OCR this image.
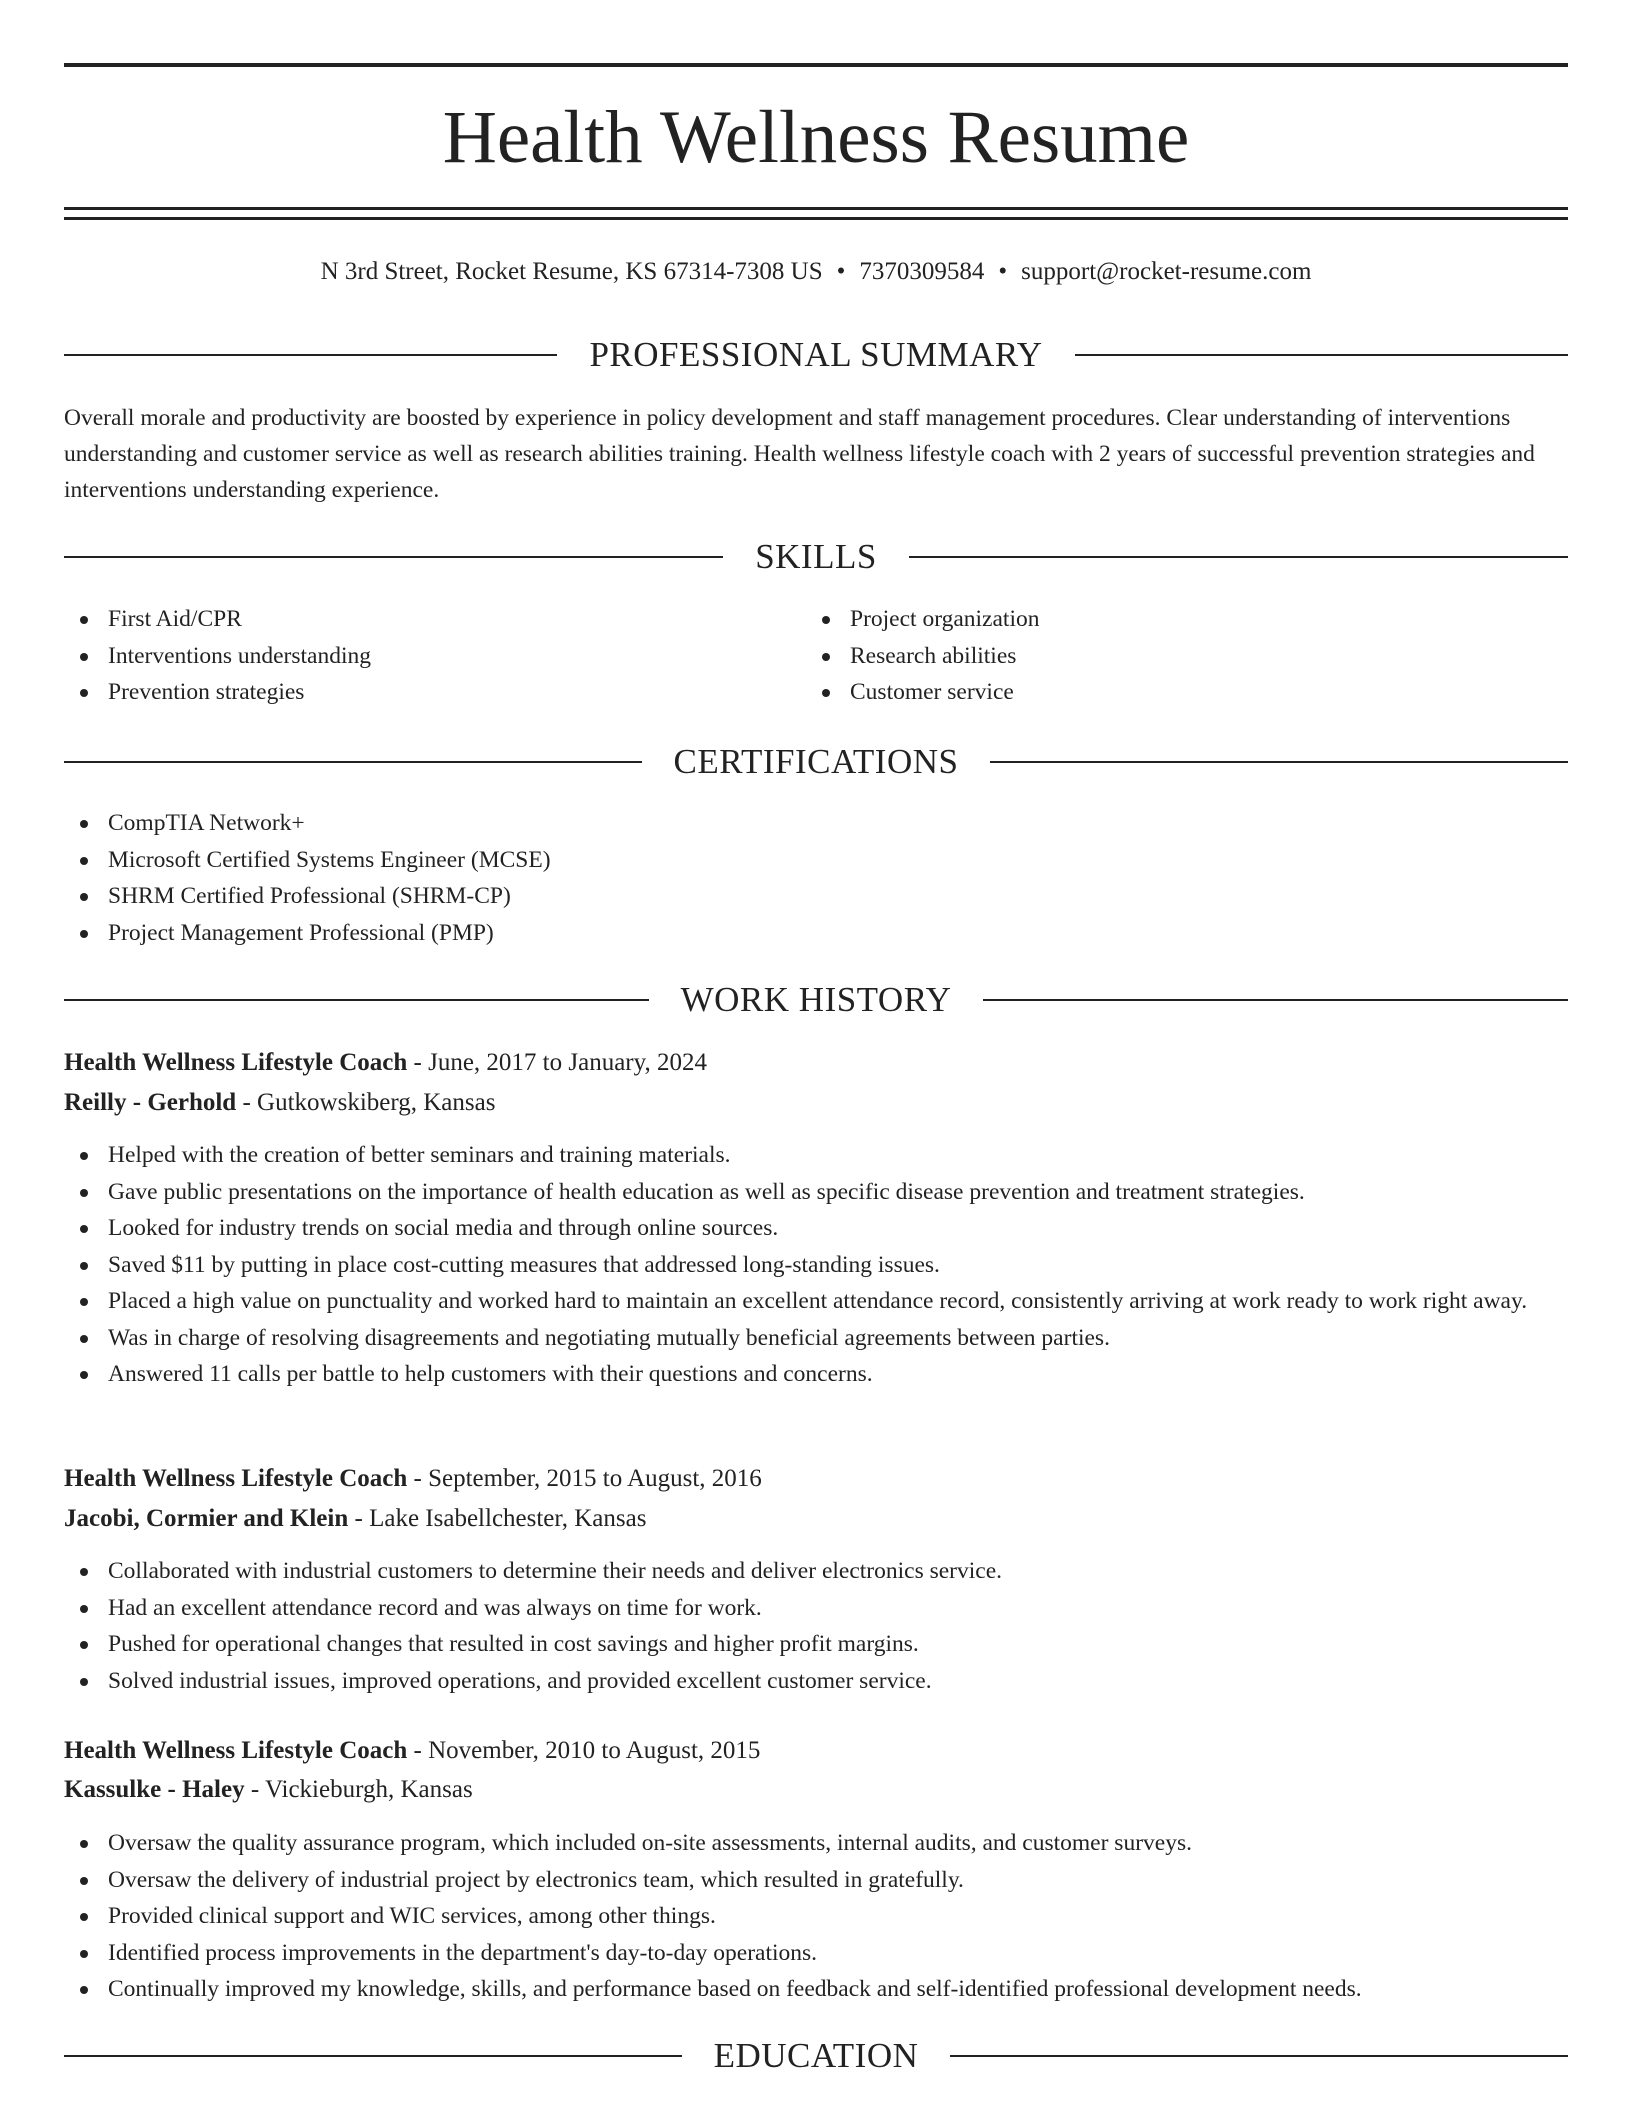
Health Wellness Resume
N 3rd Street, Rocket Resume, KS 67314-7308 US • 7370309584 • support@rocket-resume.com
PROFESSIONAL SUMMARY

Overall morale and productivity are boosted by experience in policy development and staff management procedures. Clear understanding of interventions understanding and customer service as well as research abilities training. Health wellness lifestyle coach with 2 years of successful prevention strategies and interventions understanding experience.

SKILLS
First Aid/CPR
Interventions understanding
Prevention strategies
Project organization
Research abilities
Customer service
CERTIFICATIONS
CompTIA Network+
Microsoft Certified Systems Engineer (MCSE)
SHRM Certified Professional (SHRM-CP)
Project Management Professional (PMP)
WORK HISTORY
Health Wellness Lifestyle Coach - June, 2017 to January, 2024
Reilly - Gerhold - Gutkowskiberg, Kansas
Helped with the creation of better seminars and training materials.
Gave public presentations on the importance of health education as well as specific disease prevention and treatment strategies.
Looked for industry trends on social media and through online sources.
Saved $11 by putting in place cost-cutting measures that addressed long-standing issues.
Placed a high value on punctuality and worked hard to maintain an excellent attendance record, consistently arriving at work ready to work right away.
Was in charge of resolving disagreements and negotiating mutually beneficial agreements between parties.
Answered 11 calls per battle to help customers with their questions and concerns.
Health Wellness Lifestyle Coach - September, 2015 to August, 2016
Jacobi, Cormier and Klein - Lake Isabellchester, Kansas
Collaborated with industrial customers to determine their needs and deliver electronics service.
Had an excellent attendance record and was always on time for work.
Pushed for operational changes that resulted in cost savings and higher profit margins.
Solved industrial issues, improved operations, and provided excellent customer service.
Health Wellness Lifestyle Coach - November, 2010 to August, 2015
Kassulke - Haley - Vickieburgh, Kansas
Oversaw the quality assurance program, which included on-site assessments, internal audits, and customer surveys.
Oversaw the delivery of industrial project by electronics team, which resulted in gratefully.
Provided clinical support and WIC services, among other things.
Identified process improvements in the department's day-to-day operations.
Continually improved my knowledge, skills, and performance based on feedback and self-identified professional development needs.
EDUCATION
